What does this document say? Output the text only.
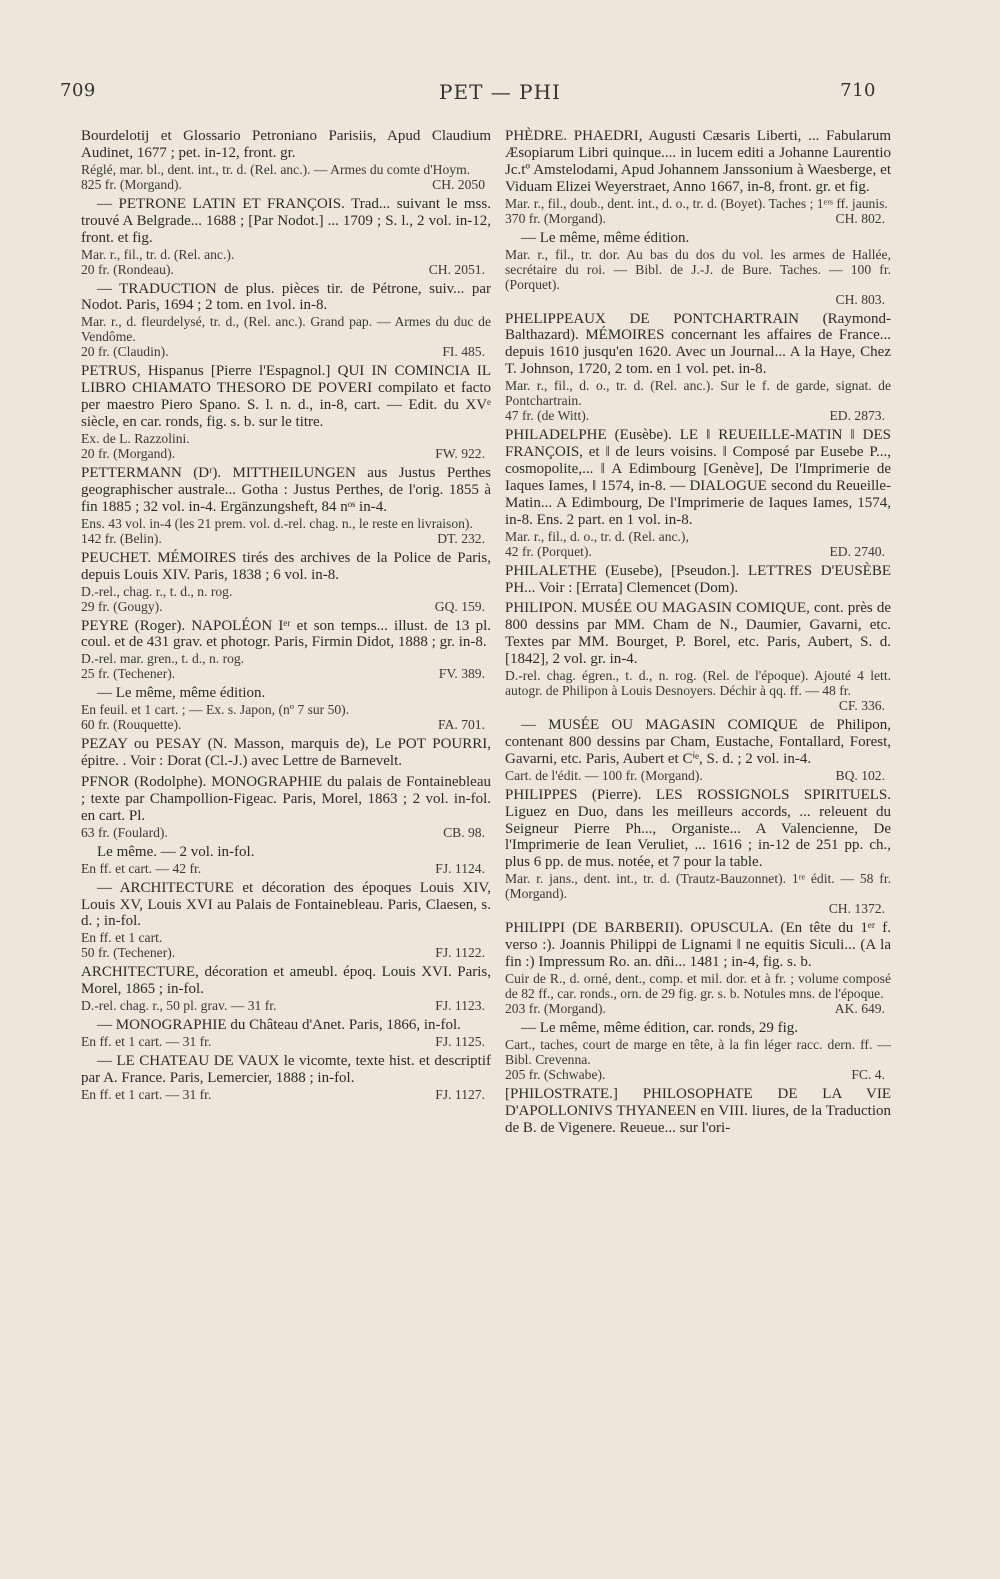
709	PET — PHI	710

Bourdelotij et Glossario Petroniano Parisiis, Apud Claudium Audinet, 1677 ; pet. in-12, front. gr.

Réglé, mar. bl., dent. int., tr. d. (Rel. anc.). — Armes du comte d'Hoym.

825 fr. (Morgand).	CH. 2050

— PETRONE LATIN ET FRANÇOIS. Trad... suivant le mss. trouvé A Belgrade... 1688 ; [Par Nodot.] ... 1709 ; S. l., 2 vol. in-12, front. et fig.

Mar. r., fil., tr. d. (Rel. anc.).

20 fr. (Rondeau).	CH. 2051.

— TRADUCTION de plus. pièces tir. de Pétrone, suiv... par Nodot. Paris, 1694 ; 2 tom. en 1vol. in-8.

Mar. r., d. fleurdelysé, tr. d., (Rel. anc.). Grand pap. — Armes du duc de Vendôme.

20 fr. (Claudin).	FI. 485.

PETRUS, Hispanus [Pierre l'Espagnol.] QUI IN COMINCIA IL LIBRO CHIAMATO THESORO DE POVERI compilato et facto per maestro Piero Spano. S. l. n. d., in-8, cart. — Edit. du XVᵉ siècle, en car. ronds, fig. s. b. sur le titre.

Ex. de L. Razzolini.

20 fr. (Morgand).	FW. 922.

PETTERMANN (Dʳ). MITTHEILUNGEN aus Justus Perthes geographischer australe... Gotha : Justus Perthes, de l'orig. 1855 à fin 1885 ; 32 vol. in-4. Ergänzungsheft, 84 nᵒˢ in-4.

Ens. 43 vol. in-4 (les 21 prem. vol. d.-rel. chag. n., le reste en livraison).

142 fr. (Belin).	DT. 232.

PEUCHET. MÉMOIRES tirés des archives de la Police de Paris, depuis Louis XIV. Paris, 1838 ; 6 vol. in-8.

D.-rel., chag. r., t. d., n. rog.

29 fr. (Gougy).	GQ. 159.

PEYRE (Roger). NAPOLÉON Iᵉʳ et son temps... illust. de 13 pl. coul. et de 431 grav. et photogr. Paris, Firmin Didot, 1888 ; gr. in-8.

D.-rel. mar. gren., t. d., n. rog.

25 fr. (Techener).	FV. 389.

— Le même, même édition.

En feuil. et 1 cart. ; — Ex. s. Japon, (nº 7 sur 50).

60 fr. (Rouquette).	FA. 701.

PEZAY ou PESAY (N. Masson, marquis de), Le POT POURRI, épitre. . Voir : Dorat (Cl.-J.) avec Lettre de Barnevelt.

PFNOR (Rodolphe). MONOGRAPHIE du palais de Fontainebleau ; texte par Champollion-Figeac. Paris, Morel, 1863 ; 2 vol. in-fol. en cart. Pl.

63 fr. (Foulard).	CB. 98.

Le même. — 2 vol. in-fol.

En ff. et cart. — 42 fr.	FJ. 1124.

— ARCHITECTURE et décoration des époques Louis XIV, Louis XV, Louis XVI au Palais de Fontainebleau. Paris, Claesen, s. d. ; in-fol.

En ff. et 1 cart.

50 fr. (Techener).	FJ. 1122.

ARCHITECTURE, décoration et ameubl. époq. Louis XVI. Paris, Morel, 1865 ; in-fol.

D.-rel. chag. r., 50 pl. grav. — 31 fr.	FJ. 1123.

— MONOGRAPHIE du Château d'Anet. Paris, 1866, in-fol.

En ff. et 1 cart. — 31 fr.	FJ. 1125.

— LE CHATEAU DE VAUX le vicomte, texte hist. et descriptif par A. France. Paris, Lemercier, 1888 ; in-fol.

En ff. et 1 cart. — 31 fr.	FJ. 1127.

PHÈDRE. PHAEDRI, Augusti Cæsaris Liberti, ... Fabularum Æsopiarum Libri quinque.... in lucem editi a Johanne Laurentio Jc.tº Amstelodami, Apud Johannem Janssonium à Waesberge, et Viduam Elizei Weyerstraet, Anno 1667, in-8, front. gr. et fig.

Mar. r., fil., doub., dent. int., d. o., tr. d. (Boyet). Taches ; 1ᵉʳˢ ff. jaunis.

370 fr. (Morgand).	CH. 802.

— Le même, même édition.

Mar. r., fil., tr. dor. Au bas du dos du vol. les armes de Hallée, secrétaire du roi. — Bibl. de J.-J. de Bure. Taches. — 100 fr. (Porquet).

CH. 803.

PHELIPPEAUX DE PONTCHARTRAIN (Raymond-Balthazard). MÉMOIRES concernant les affaires de France... depuis 1610 jusqu'en 1620. Avec un Journal... A la Haye, Chez T. Johnson, 1720, 2 tom. en 1 vol. pet. in-8.

Mar. r., fil., d. o., tr. d. (Rel. anc.). Sur le f. de garde, signat. de Pontchartrain.

47 fr. (de Witt).	ED. 2873.

PHILADELPHE (Eusèbe). LE ‖ REUEILLE-MATIN ‖ DES FRANÇOIS, et ‖ de leurs voisins. ‖ Composé par Eusebe P..., cosmopolite,... ‖ A Edimbourg [Genève], De l'Imprimerie de Iaques Iames, ‖ 1574, in-8. — DIALOGUE second du Reueille-Matin... A Edimbourg, De l'Imprimerie de Iaques Iames, 1574, in-8. Ens. 2 part. en 1 vol. in-8.

Mar. r., fil., d. o., tr. d. (Rel. anc.),

42 fr. (Porquet).	ED. 2740.

PHILALETHE (Eusebe), [Pseudon.]. LETTRES D'EUSÈBE PH... Voir : [Errata] Clemencet (Dom).

PHILIPON. MUSÉE OU MAGASIN COMIQUE, cont. près de 800 dessins par MM. Cham de N., Daumier, Gavarni, etc. Textes par MM. Bourget, P. Borel, etc. Paris, Aubert, S. d. [1842], 2 vol. gr. in-4.

D.-rel. chag. égren., t. d., n. rog. (Rel. de l'époque). Ajouté 4 lett. autogr. de Philipon à Louis Desnoyers. Déchir à qq. ff. — 48 fr.

CF. 336.

— MUSÉE OU MAGASIN COMIQUE de Philipon, contenant 800 dessins par Cham, Eustache, Fontallard, Forest, Gavarni, etc. Paris, Aubert et Cⁱᵉ, S. d. ; 2 vol. in-4.

Cart. de l'édit. — 100 fr. (Morgand).	BQ. 102.

PHILIPPES (Pierre). LES ROSSIGNOLS SPIRITUELS. Liguez en Duo, dans les meilleurs accords, ... releuent du Seigneur Pierre Ph..., Organiste... A Valencienne, De l'Imprimerie de Iean Veruliet, ... 1616 ; in-12 de 251 pp. ch., plus 6 pp. de mus. notée, et 7 pour la table.

Mar. r. jans., dent. int., tr. d. (Trautz-Bauzonnet). 1ʳᵉ édit. — 58 fr. (Morgand).

CH. 1372.

PHILIPPI (DE BARBERII). OPUSCULA. (En tête du 1ᵉʳ f. verso :). Joannis Philippi de Lignami ‖ ne equitis Siculi... (A la fin :) Impressum Ro. an. dñi... 1481 ; in-4, fig. s. b.

Cuir de R., d. orné, dent., comp. et mil. dor. et à fr. ; volume composé de 82 ff., car. ronds., orn. de 29 fig. gr. s. b. Notules mns. de l'époque.

203 fr. (Morgand).	AK. 649.

— Le même, même édition, car. ronds, 29 fig.

Cart., taches, court de marge en tête, à la fin léger racc. dern. ff. — Bibl. Crevenna.

205 fr. (Schwabe).	FC. 4.

[PHILOSTRATE.] PHILOSOPHATE DE LA VIE D'APOLLONIVS THYANEEN en VIII. liures, de la Traduction de B. de Vigenere. Reueue... sur l'ori-
